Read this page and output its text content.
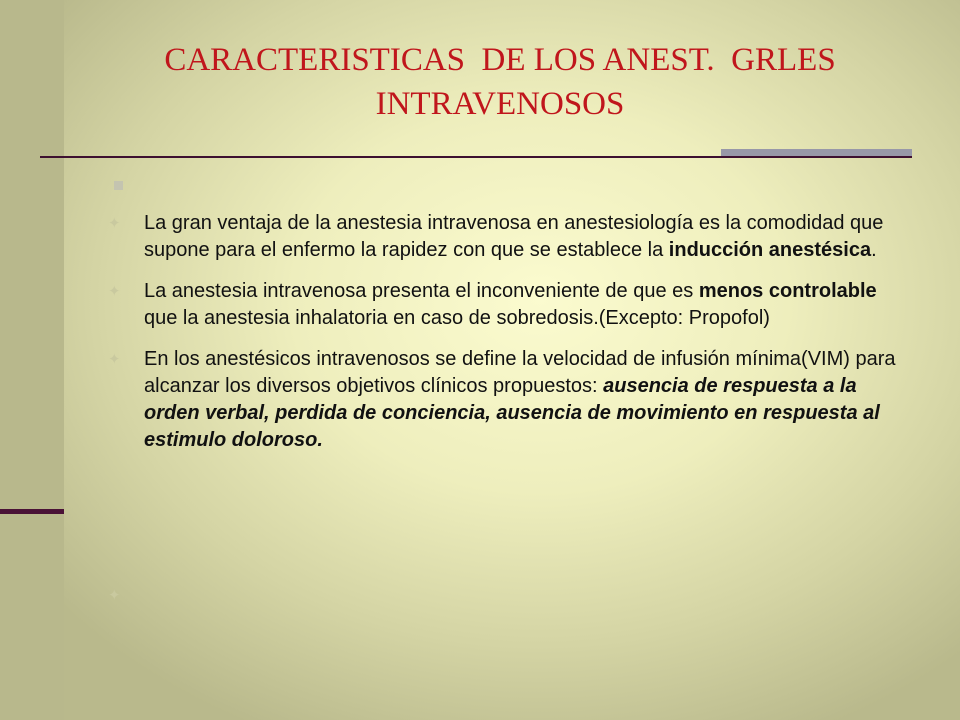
CARACTERISTICAS  DE LOS ANEST.  GRLES
INTRAVENOSOS
✦ La gran ventaja de la anestesia intravenosa en anestesiología es la comodidad que supone para el enfermo la rapidez con que se establece la inducción anestésica.
✦ La anestesia intravenosa presenta el inconveniente de que es menos controlable que la anestesia inhalatoria en caso de sobredosis.(Excepto: Propofol)
✦ En los anestésicos intravenosos se define la velocidad de infusión mínima(VIM) para alcanzar los diversos objetivos clínicos propuestos: ausencia de respuesta a la orden verbal, perdida de conciencia, ausencia de movimiento en respuesta al estimulo doloroso.
✦
